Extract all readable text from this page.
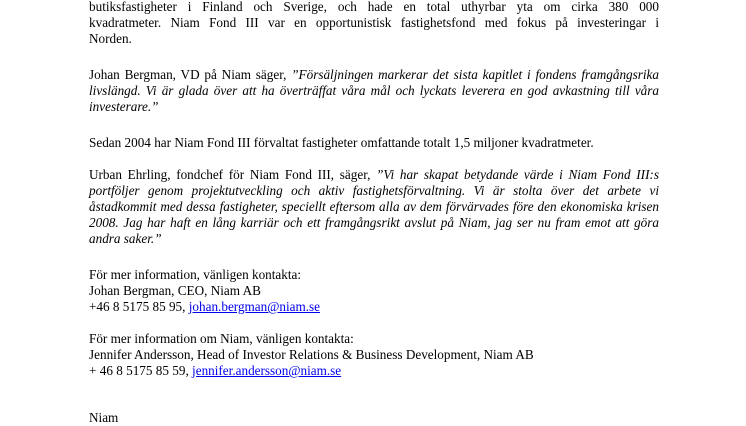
butiksfastigheter i Finland och Sverige, och hade en total uthyrbar yta om cirka 380 000
kvadratmeter. Niam Fond III var en opportunistisk fastighetsfond med fokus på investeringar i
Norden.

Johan Bergman, VD på Niam säger, ”Försäljningen markerar det sista kapitlet i fondens framgångsrika livslängd. Vi är glada över att ha överträffat våra mål och lyckats leverera en god avkastning till våra investerare.”

Sedan 2004 har Niam Fond III förvaltat fastigheter omfattande totalt 1,5 miljoner kvadratmeter.

Urban Ehrling, fondchef för Niam Fond III, säger, ”Vi har skapat betydande värde i Niam Fond III:s portföljer genom projektutveckling och aktiv fastighetsförvaltning. Vi är stolta över det arbete vi åstadkommit med dessa fastigheter, speciellt eftersom alla av dem förvärvades före den ekonomiska krisen 2008. Jag har haft en lång karriär och ett framgångsrikt avslut på Niam, jag ser nu fram emot att göra andra saker.”

För mer information, vänligen kontakta:
Johan Bergman, CEO, Niam AB
+46 8 5175 85 95, johan.bergman@niam.se
För mer information om Niam, vänligen kontakta:
Jennifer Andersson, Head of Investor Relations & Business Development, Niam AB
+ 46 8 5175 85 59, jennifer.andersson@niam.se
Niam
